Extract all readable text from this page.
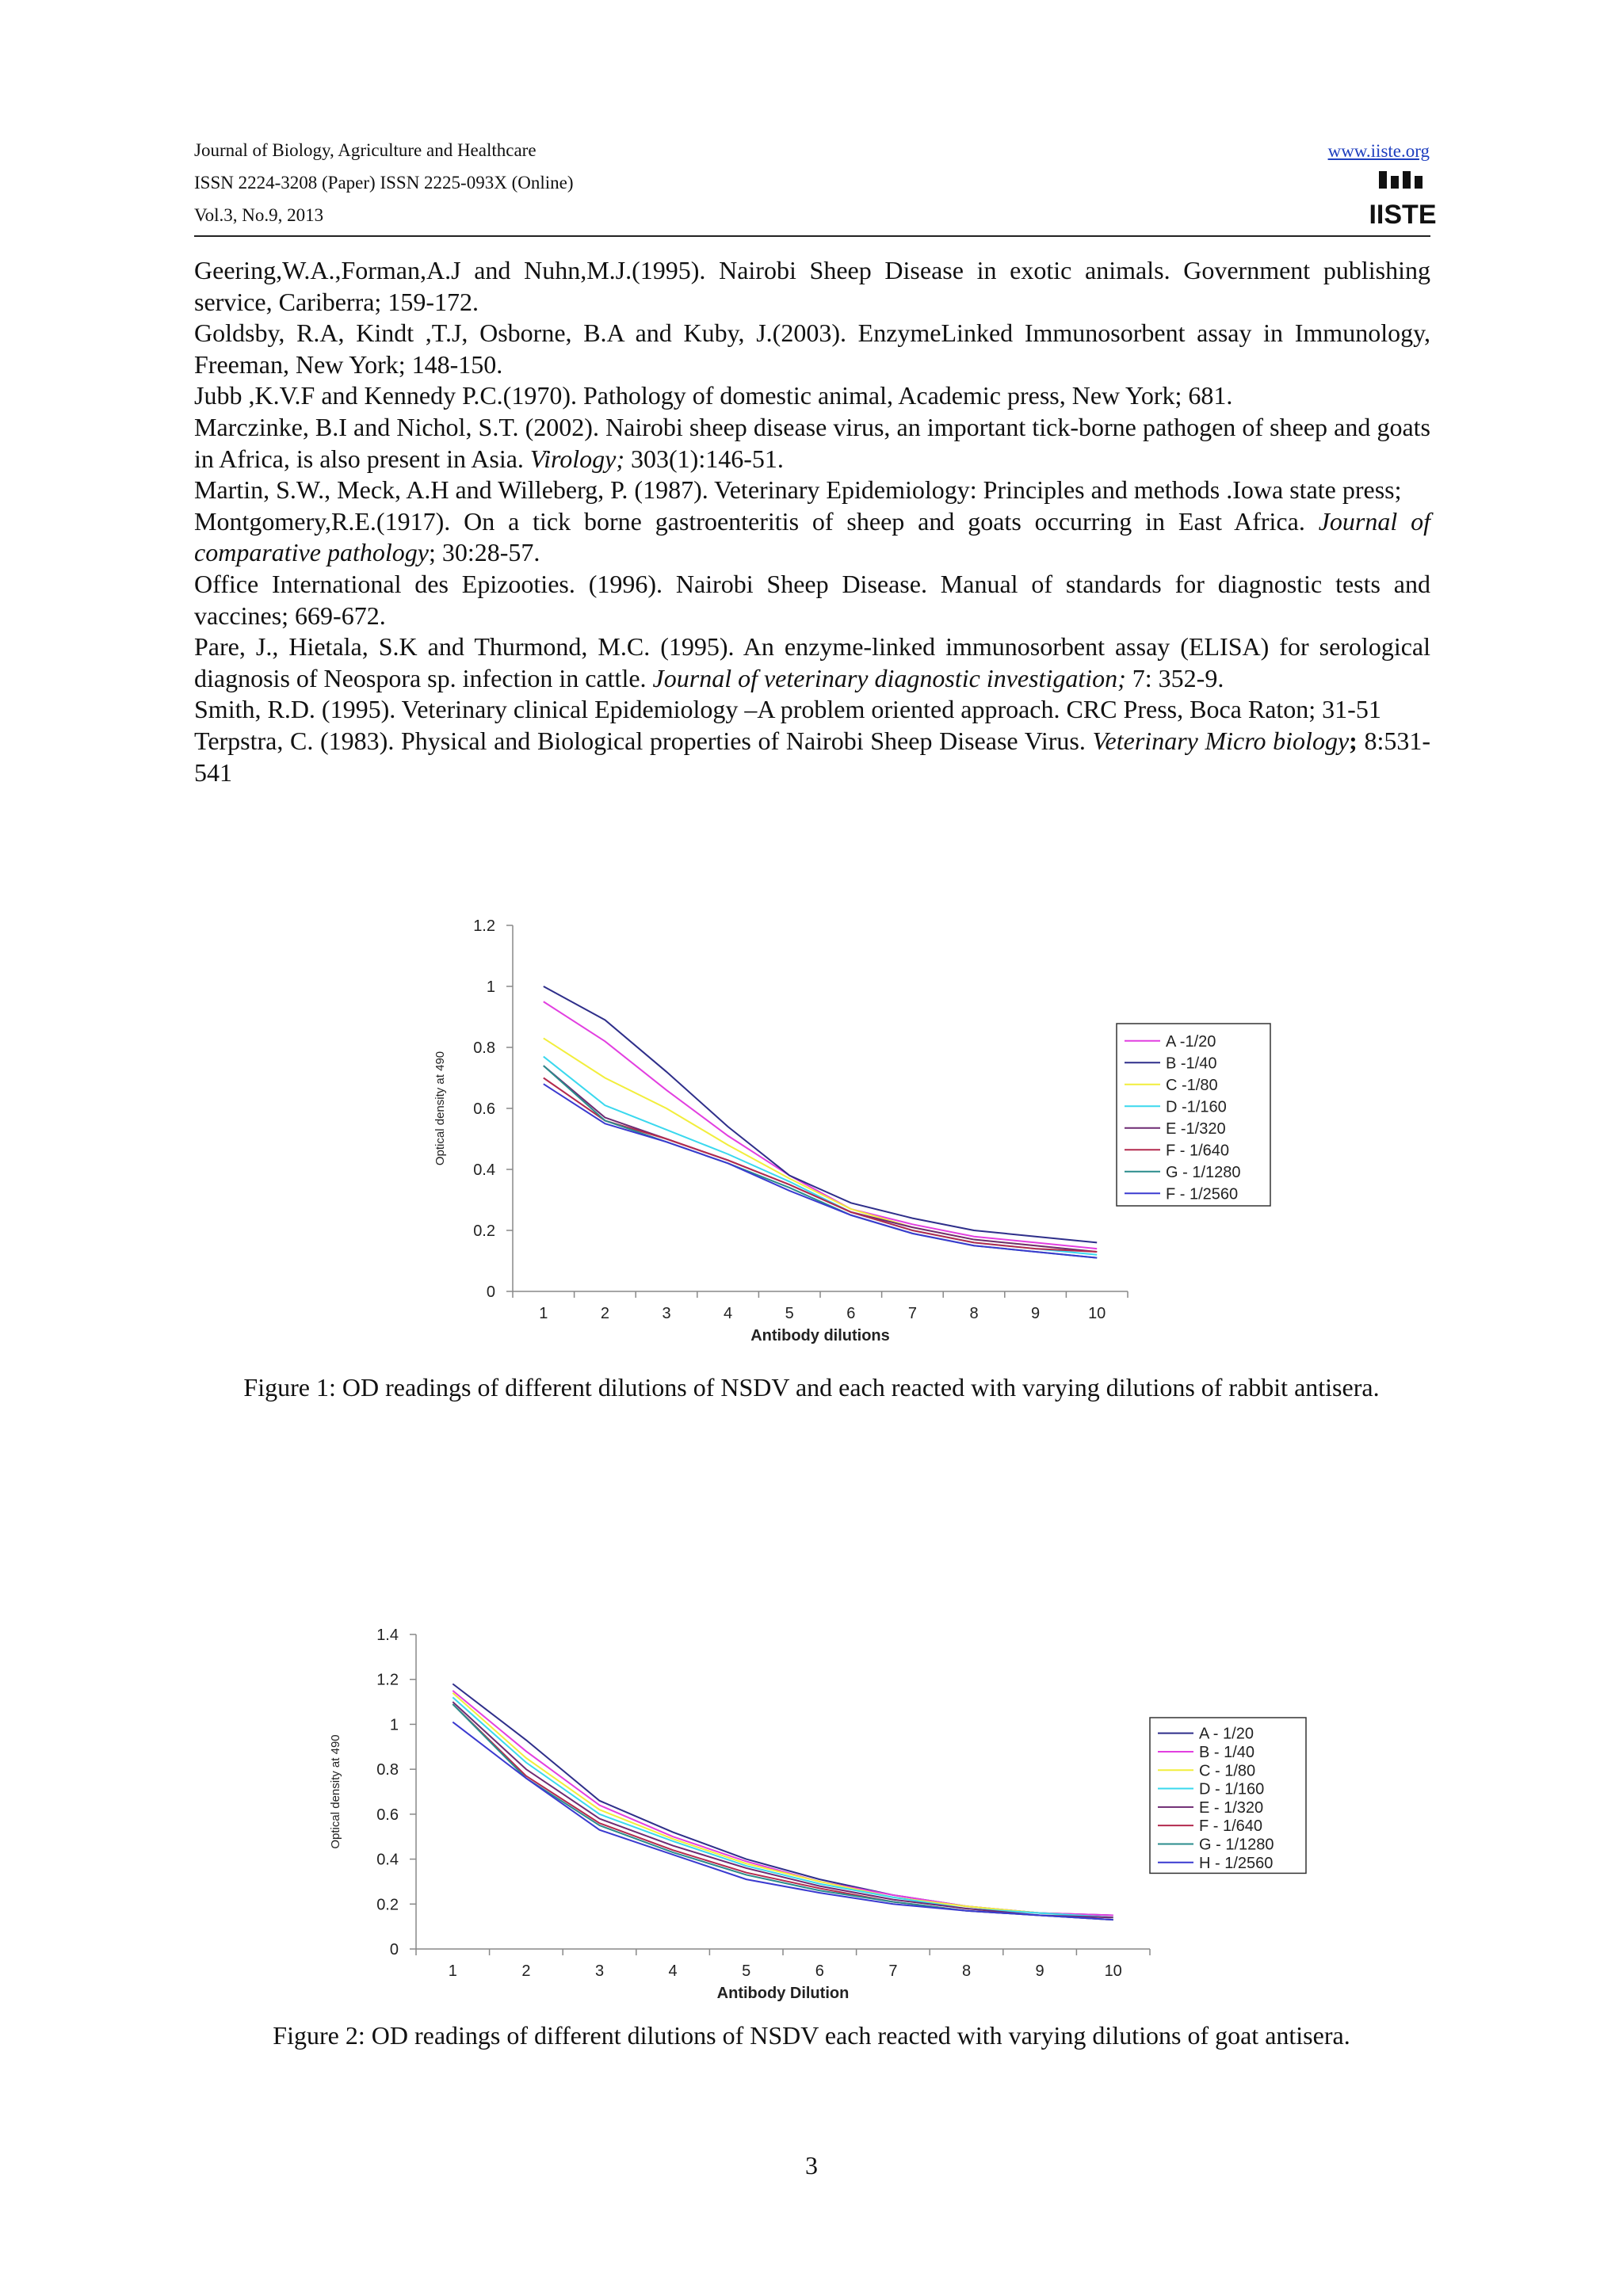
Journal of Biology, Agriculture and Healthcare
ISSN 2224-3208 (Paper) ISSN 2225-093X (Online)
Vol.3, No.9, 2013
www.iiste.org
IISTE

Geering,W.A.,Forman,A.J and Nuhn,M.J.(1995). Nairobi Sheep Disease in exotic animals. Government publishing service, Cariberra; 159-172.

Goldsby, R.A, Kindt ,T.J, Osborne, B.A and Kuby, J.(2003). EnzymeLinked Immunosorbent assay in Immunology, Freeman, New York; 148-150.

Jubb ,K.V.F and Kennedy P.C.(1970). Pathology of domestic animal, Academic press, New York; 681.

Marczinke, B.I and Nichol, S.T. (2002). Nairobi sheep disease virus, an important tick-borne pathogen of sheep and goats in Africa, is also present in Asia. Virology; 303(1):146-51.

Martin, S.W., Meck, A.H and Willeberg, P. (1987). Veterinary Epidemiology: Principles and methods .Iowa state press;

Montgomery,R.E.(1917). On a tick borne gastroenteritis of sheep and goats occurring in East Africa. Journal of comparative pathology; 30:28-57.

Office International des Epizooties. (1996). Nairobi Sheep Disease. Manual of standards for diagnostic tests and vaccines; 669-672.

Pare, J., Hietala, S.K and Thurmond, M.C. (1995). An enzyme-linked immunosorbent assay (ELISA) for serological diagnosis of Neospora sp. infection in cattle. Journal of veterinary diagnostic investigation; 7: 352-9.

Smith, R.D. (1995). Veterinary clinical Epidemiology –A problem oriented approach. CRC Press, Boca Raton; 31-51

Terpstra, C. (1983). Physical and Biological properties of Nairobi Sheep Disease Virus. Veterinary Micro biology; 8:531-541

0
0.2
0.4
0.6
0.8
1
1.2
1	2	3	4	5	6	7	8	9	10
Antibody dilutions
Optical density at 490
A -1/20
B -1/40
C -1/80
D -1/160
E -1/320
F - 1/640
G - 1/1280
F - 1/2560
Figure 1: OD readings of different dilutions of NSDV and each reacted with varying dilutions of rabbit antisera.
0
0.2
0.4
0.6
0.8
1
1.2
1.4
1	2	3	4	5	6	7	8	9	10
Antibody Dilution
Optical density at 490
A - 1/20
B - 1/40
C - 1/80
D - 1/160
E - 1/320
F - 1/640
G - 1/1280
H - 1/2560
Figure 2: OD readings of different dilutions of NSDV each reacted with varying dilutions of goat antisera.
3
